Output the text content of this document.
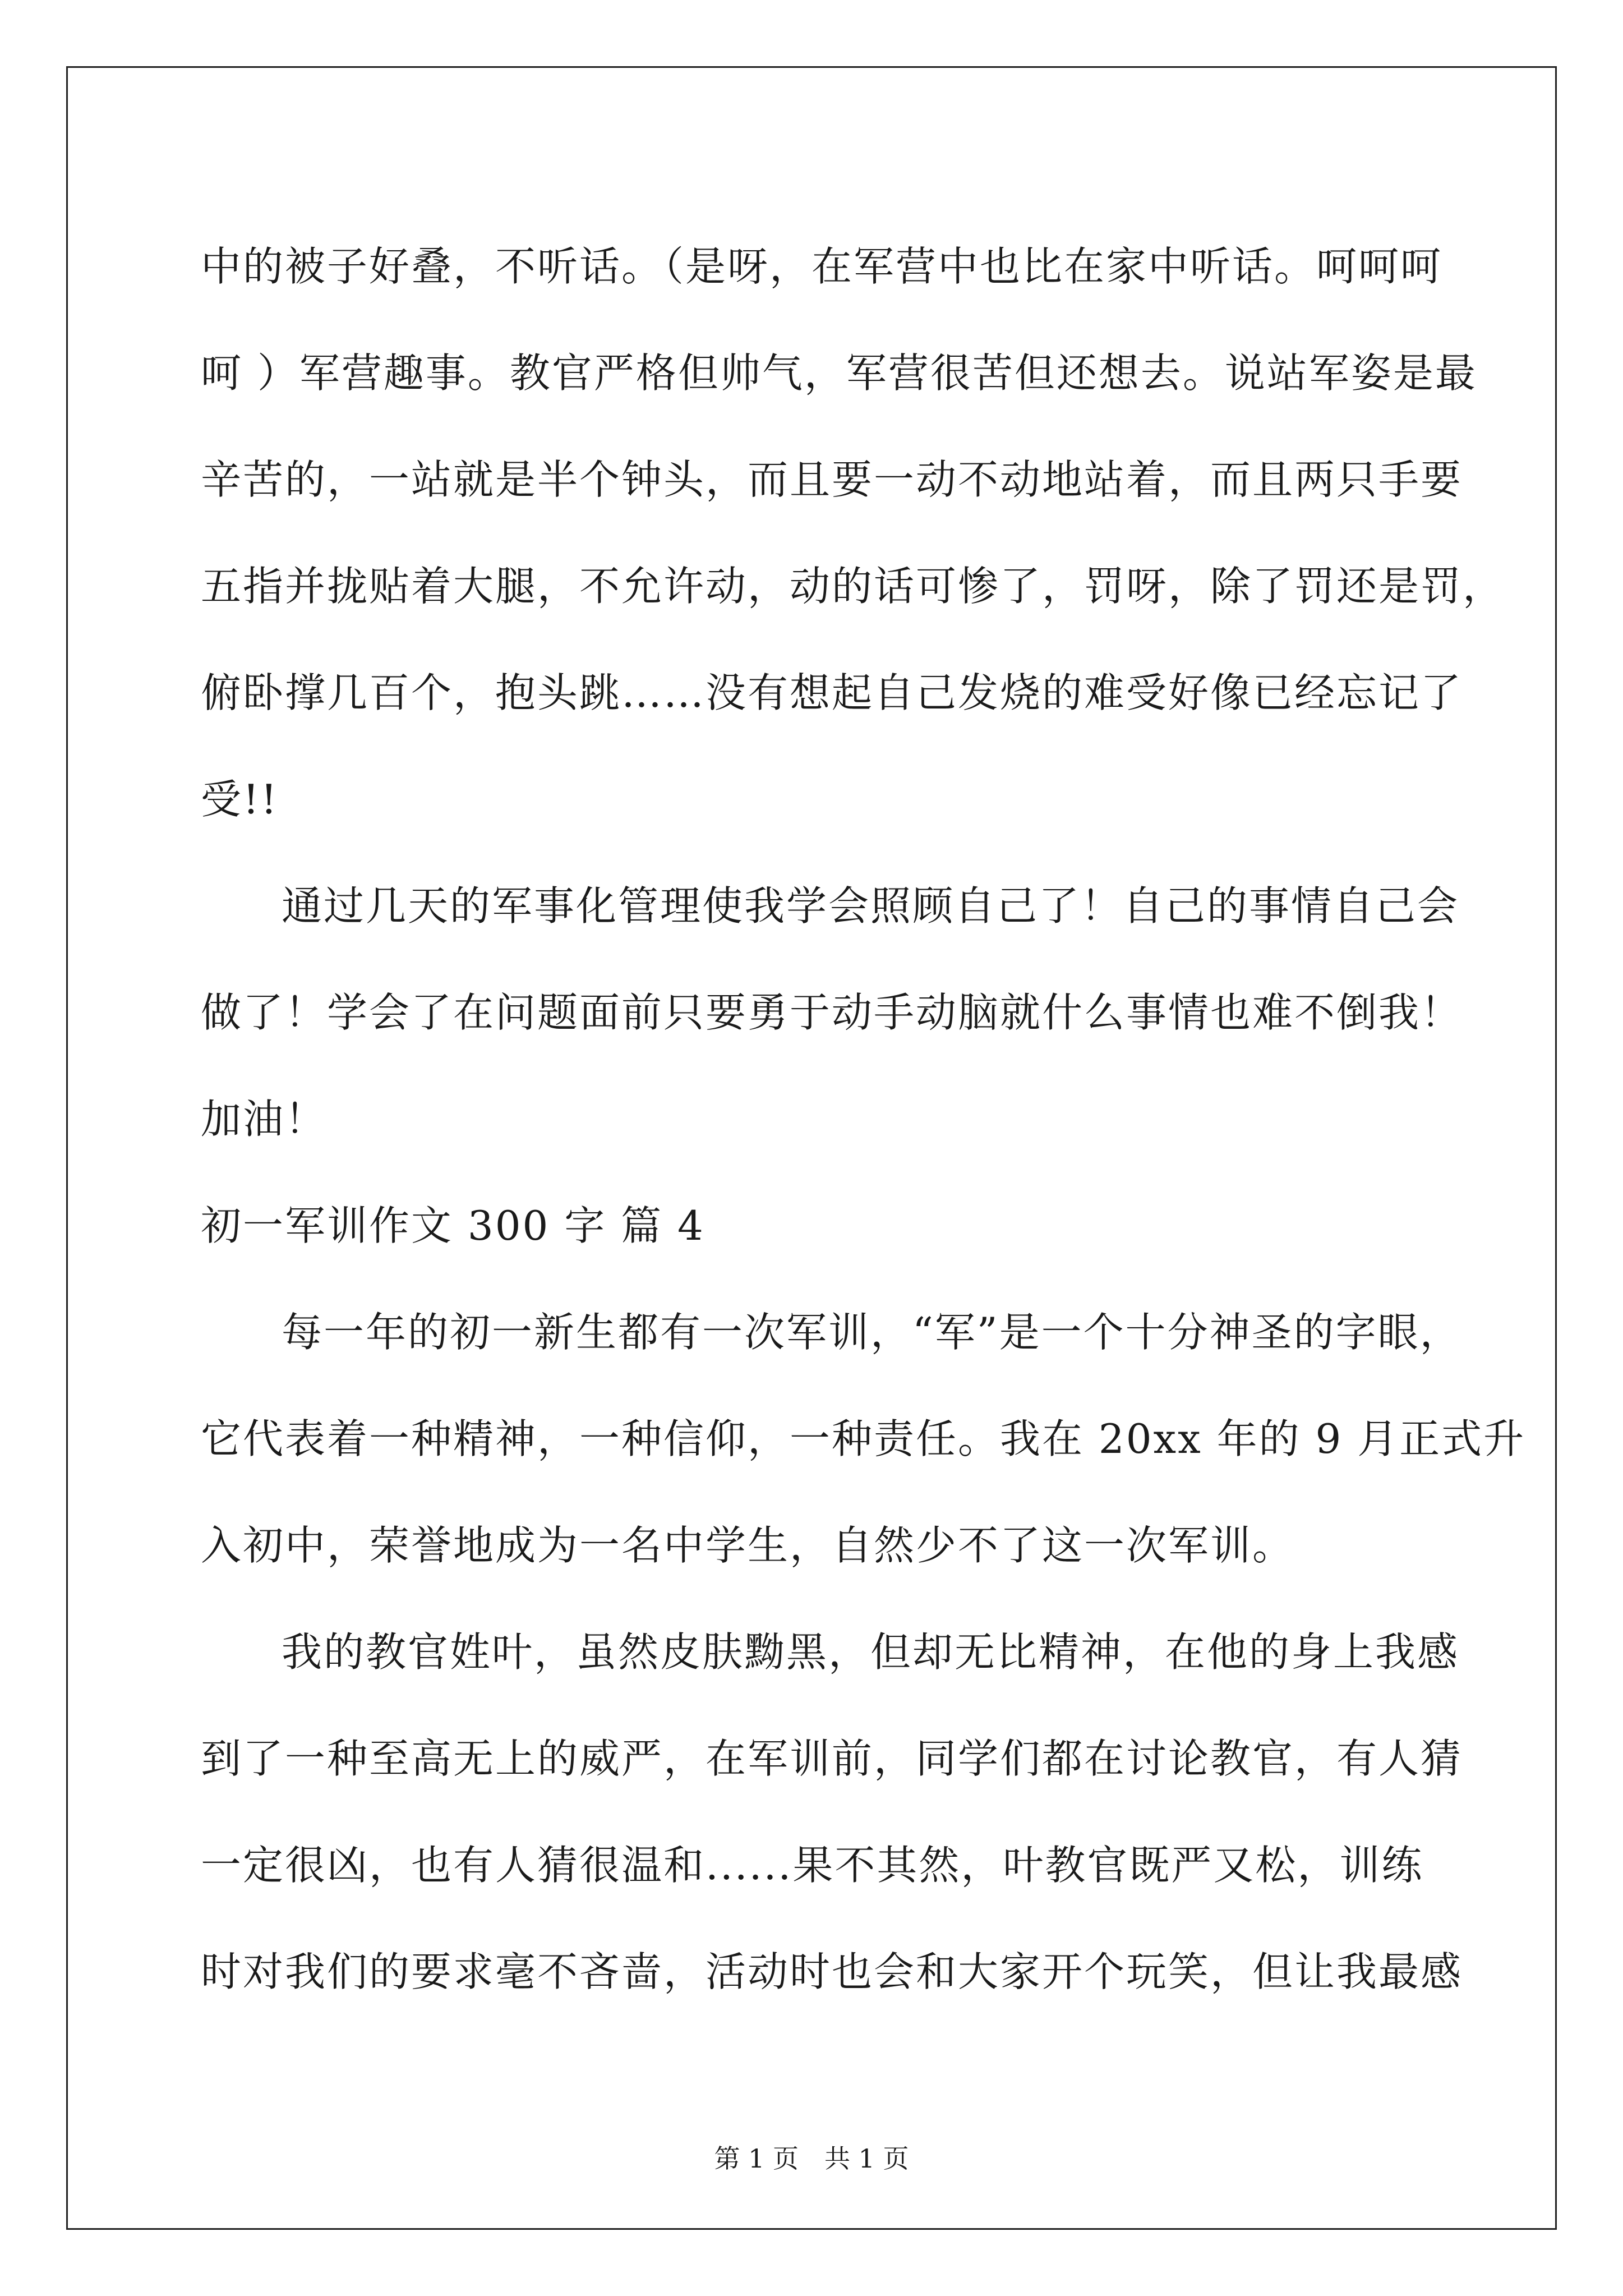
中的被子好叠，不听话。（是呀，在军营中也比在家中听话。呵呵呵
呵 ）军营趣事。教官严格但帅气，军营很苦但还想去。说站军姿是最
辛苦的，一站就是半个钟头，而且要一动不动地站着，而且两只手要
五指并拢贴着大腿，不允许动，动的话可惨了，罚呀，除了罚还是罚，
俯卧撑几百个，抱头跳……没有想起自己发烧的难受好像已经忘记了
受!!
通过几天的军事化管理使我学会照顾自己了！自己的事情自己会
做了！学会了在问题面前只要勇于动手动脑就什么事情也难不倒我！
加油！
初一军训作文 300 字 篇 4
每一年的初一新生都有一次军训，“军”是一个十分神圣的字眼，
它代表着一种精神，一种信仰，一种责任。我在 20xx 年的 9 月正式升
入初中，荣誉地成为一名中学生，自然少不了这一次军训。
我的教官姓叶，虽然皮肤黝黑，但却无比精神，在他的身上我感
到了一种至高无上的威严，在军训前，同学们都在讨论教官，有人猜
一定很凶，也有人猜很温和......果不其然，叶教官既严又松，训练
时对我们的要求毫不吝啬，活动时也会和大家开个玩笑，但让我最感
第 1 页　共 1 页
